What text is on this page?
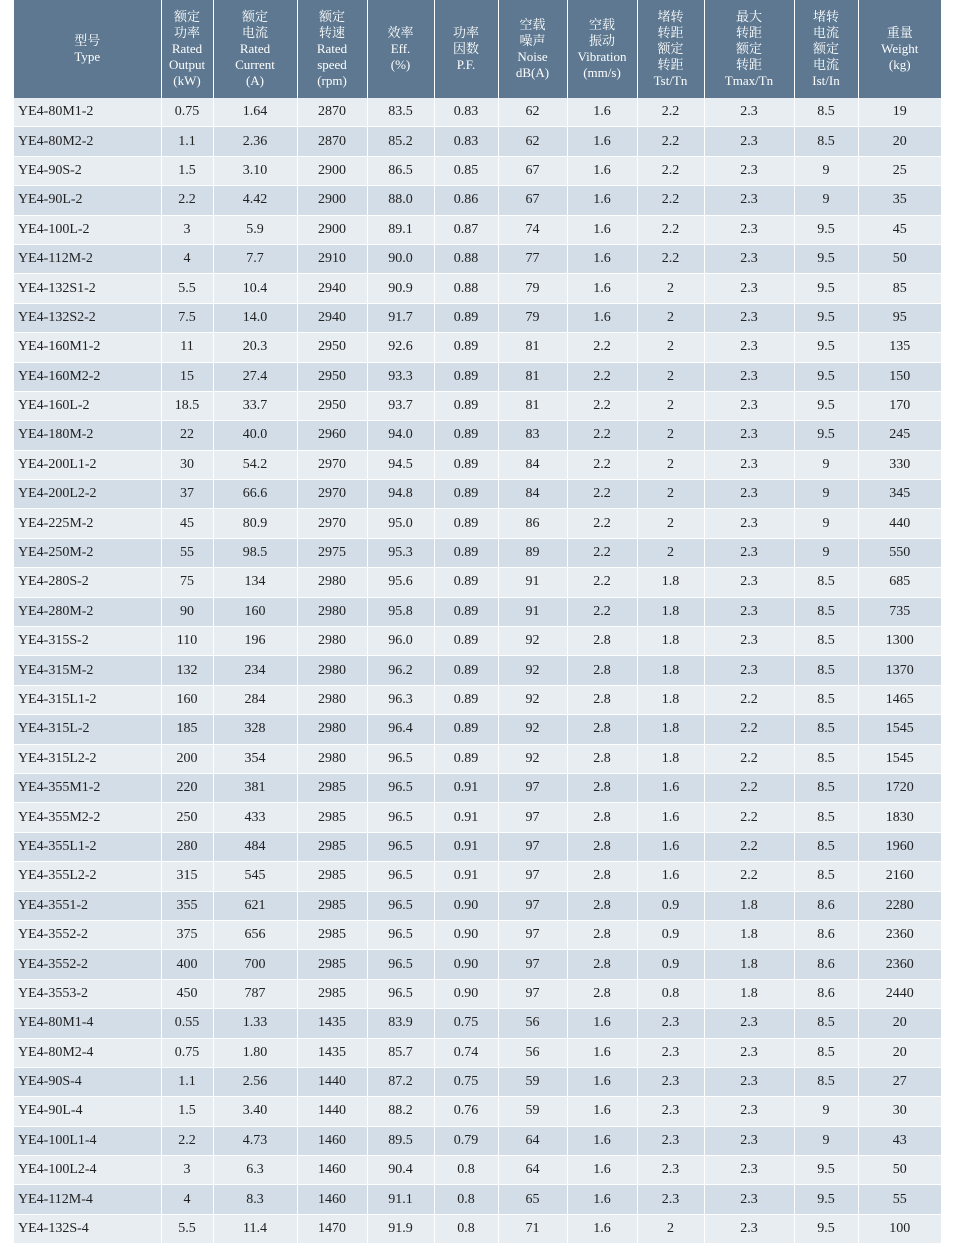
型号
Type	额定
功率
Rated
Output
(kW)	额定
电流
Rated
Current
(A)	额定
转速
Rated
speed
(rpm)	效率
Eff.
(%)	功率
因数
P.F.	空载
噪声
Noise
dB(A)	空载
振动
Vibration
(mm/s)	堵转
转距
额定
转距
Tst/Tn	最大
转距
额定
转距
Tmax/Tn	堵转
电流
额定
电流
Ist/In	重量
Weight
(kg)
YE4-80M1-2	0.75	1.64	2870	83.5	0.83	62	1.6	2.2	2.3	8.5	19
YE4-80M2-2	1.1	2.36	2870	85.2	0.83	62	1.6	2.2	2.3	8.5	20
YE4-90S-2	1.5	3.10	2900	86.5	0.85	67	1.6	2.2	2.3	9	25
YE4-90L-2	2.2	4.42	2900	88.0	0.86	67	1.6	2.2	2.3	9	35
YE4-100L-2	3	5.9	2900	89.1	0.87	74	1.6	2.2	2.3	9.5	45
YE4-112M-2	4	7.7	2910	90.0	0.88	77	1.6	2.2	2.3	9.5	50
YE4-132S1-2	5.5	10.4	2940	90.9	0.88	79	1.6	2	2.3	9.5	85
YE4-132S2-2	7.5	14.0	2940	91.7	0.89	79	1.6	2	2.3	9.5	95
YE4-160M1-2	11	20.3	2950	92.6	0.89	81	2.2	2	2.3	9.5	135
YE4-160M2-2	15	27.4	2950	93.3	0.89	81	2.2	2	2.3	9.5	150
YE4-160L-2	18.5	33.7	2950	93.7	0.89	81	2.2	2	2.3	9.5	170
YE4-180M-2	22	40.0	2960	94.0	0.89	83	2.2	2	2.3	9.5	245
YE4-200L1-2	30	54.2	2970	94.5	0.89	84	2.2	2	2.3	9	330
YE4-200L2-2	37	66.6	2970	94.8	0.89	84	2.2	2	2.3	9	345
YE4-225M-2	45	80.9	2970	95.0	0.89	86	2.2	2	2.3	9	440
YE4-250M-2	55	98.5	2975	95.3	0.89	89	2.2	2	2.3	9	550
YE4-280S-2	75	134	2980	95.6	0.89	91	2.2	1.8	2.3	8.5	685
YE4-280M-2	90	160	2980	95.8	0.89	91	2.2	1.8	2.3	8.5	735
YE4-315S-2	110	196	2980	96.0	0.89	92	2.8	1.8	2.3	8.5	1300
YE4-315M-2	132	234	2980	96.2	0.89	92	2.8	1.8	2.3	8.5	1370
YE4-315L1-2	160	284	2980	96.3	0.89	92	2.8	1.8	2.2	8.5	1465
YE4-315L-2	185	328	2980	96.4	0.89	92	2.8	1.8	2.2	8.5	1545
YE4-315L2-2	200	354	2980	96.5	0.89	92	2.8	1.8	2.2	8.5	1545
YE4-355M1-2	220	381	2985	96.5	0.91	97	2.8	1.6	2.2	8.5	1720
YE4-355M2-2	250	433	2985	96.5	0.91	97	2.8	1.6	2.2	8.5	1830
YE4-355L1-2	280	484	2985	96.5	0.91	97	2.8	1.6	2.2	8.5	1960
YE4-355L2-2	315	545	2985	96.5	0.91	97	2.8	1.6	2.2	8.5	2160
YE4-3551-2	355	621	2985	96.5	0.90	97	2.8	0.9	1.8	8.6	2280
YE4-3552-2	375	656	2985	96.5	0.90	97	2.8	0.9	1.8	8.6	2360
YE4-3552-2	400	700	2985	96.5	0.90	97	2.8	0.9	1.8	8.6	2360
YE4-3553-2	450	787	2985	96.5	0.90	97	2.8	0.8	1.8	8.6	2440
YE4-80M1-4	0.55	1.33	1435	83.9	0.75	56	1.6	2.3	2.3	8.5	20
YE4-80M2-4	0.75	1.80	1435	85.7	0.74	56	1.6	2.3	2.3	8.5	20
YE4-90S-4	1.1	2.56	1440	87.2	0.75	59	1.6	2.3	2.3	8.5	27
YE4-90L-4	1.5	3.40	1440	88.2	0.76	59	1.6	2.3	2.3	9	30
YE4-100L1-4	2.2	4.73	1460	89.5	0.79	64	1.6	2.3	2.3	9	43
YE4-100L2-4	3	6.3	1460	90.4	0.8	64	1.6	2.3	2.3	9.5	50
YE4-112M-4	4	8.3	1460	91.1	0.8	65	1.6	2.3	2.3	9.5	55
YE4-132S-4	5.5	11.4	1470	91.9	0.8	71	1.6	2	2.3	9.5	100
